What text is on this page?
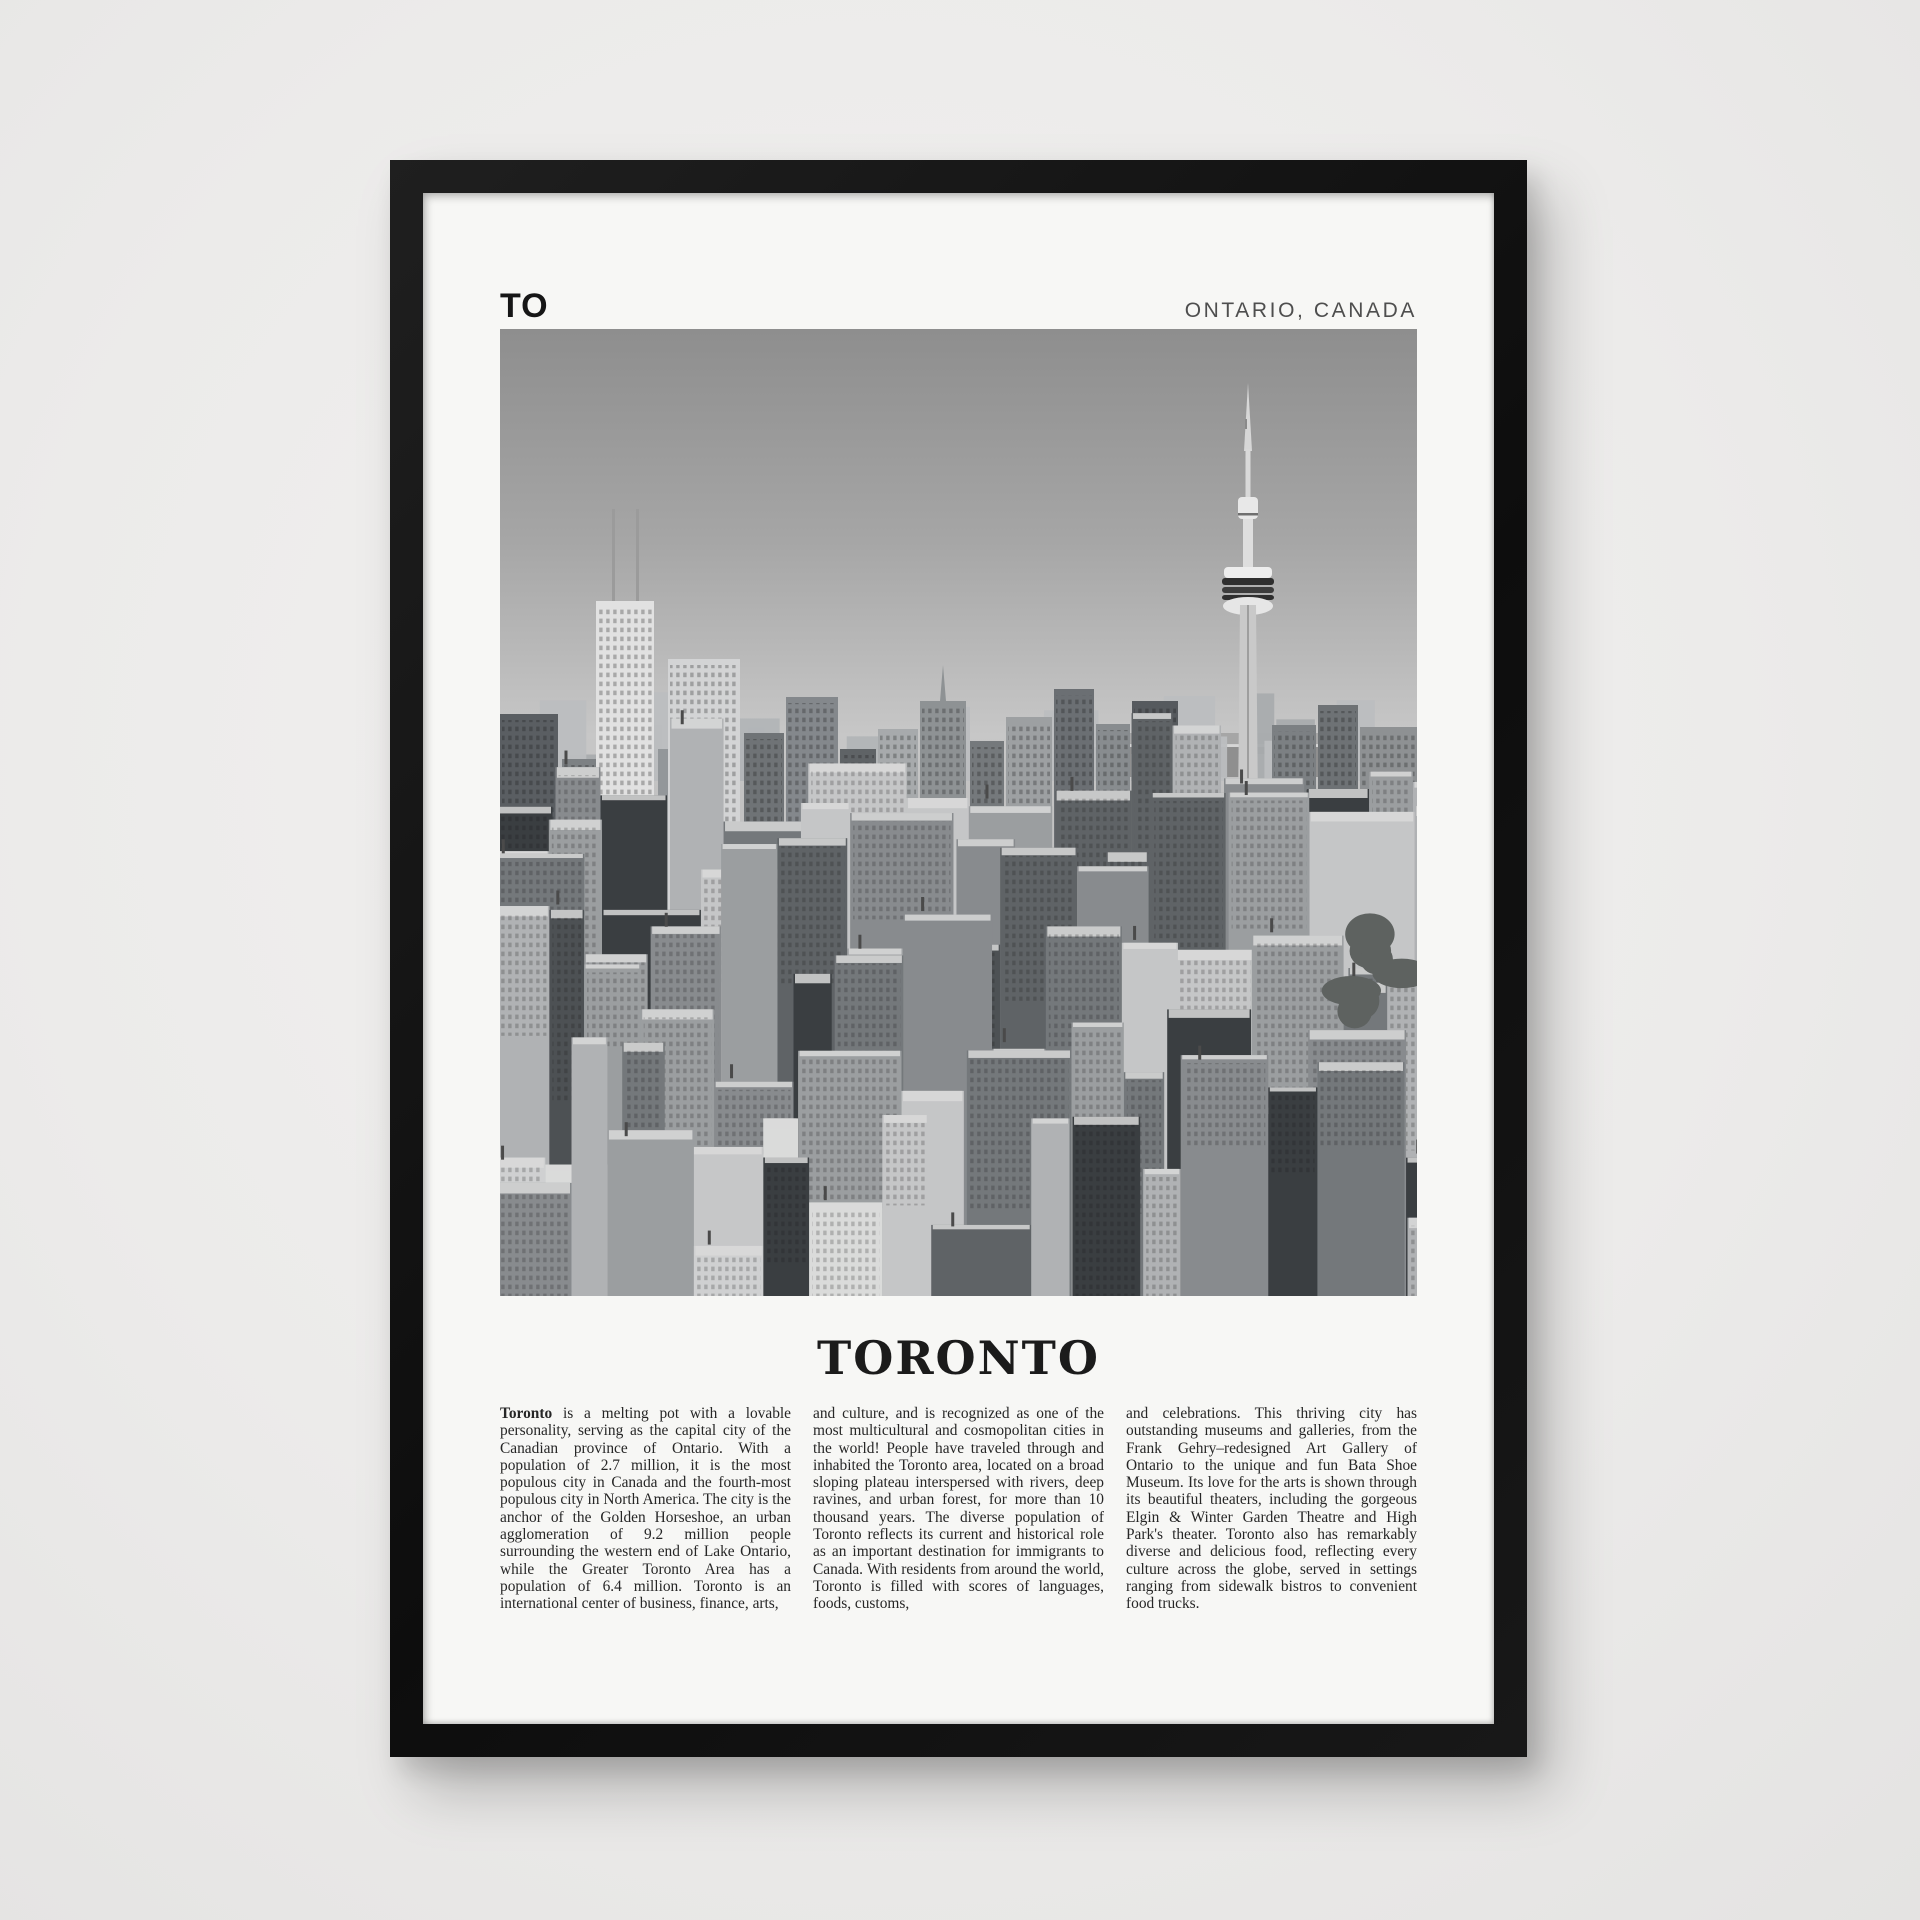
TO	ONTARIO, CANADA
TORONTO

Toronto is a melting pot with a lovable personality, serving as the capital city of the Canadian province of Ontario. With a population of 2.7 million, it is the most populous city in Canada and the fourth-most populous city in North America. The city is the anchor of the Golden Horseshoe, an urban agglomeration of 9.2 million people surrounding the western end of Lake Ontario, while the Greater Toronto Area has a population of 6.4 million. Toronto is an international center of business, finance, arts,

and culture, and is recognized as one of the most multicultural and cosmopolitan cities in the world! People have traveled through and inhabited the Toronto area, located on a broad sloping plateau interspersed with rivers, deep ravines, and urban forest, for more than 10 thousand years. The diverse population of Toronto reflects its current and historical role as an important destination for immigrants to Canada. With residents from around the world, Toronto is filled with scores of languages, foods, customs,

and celebrations. This thriving city has outstanding museums and galleries, from the Frank Gehry–redesigned Art Gallery of Ontario to the unique and fun Bata Shoe Museum. Its love for the arts is shown through its beautiful theaters, including the gorgeous Elgin & Winter Garden Theatre and High Park's theater. Toronto also has remarkably diverse and delicious food, reflecting every culture across the globe, served in settings ranging from sidewalk bistros to convenient food trucks.
